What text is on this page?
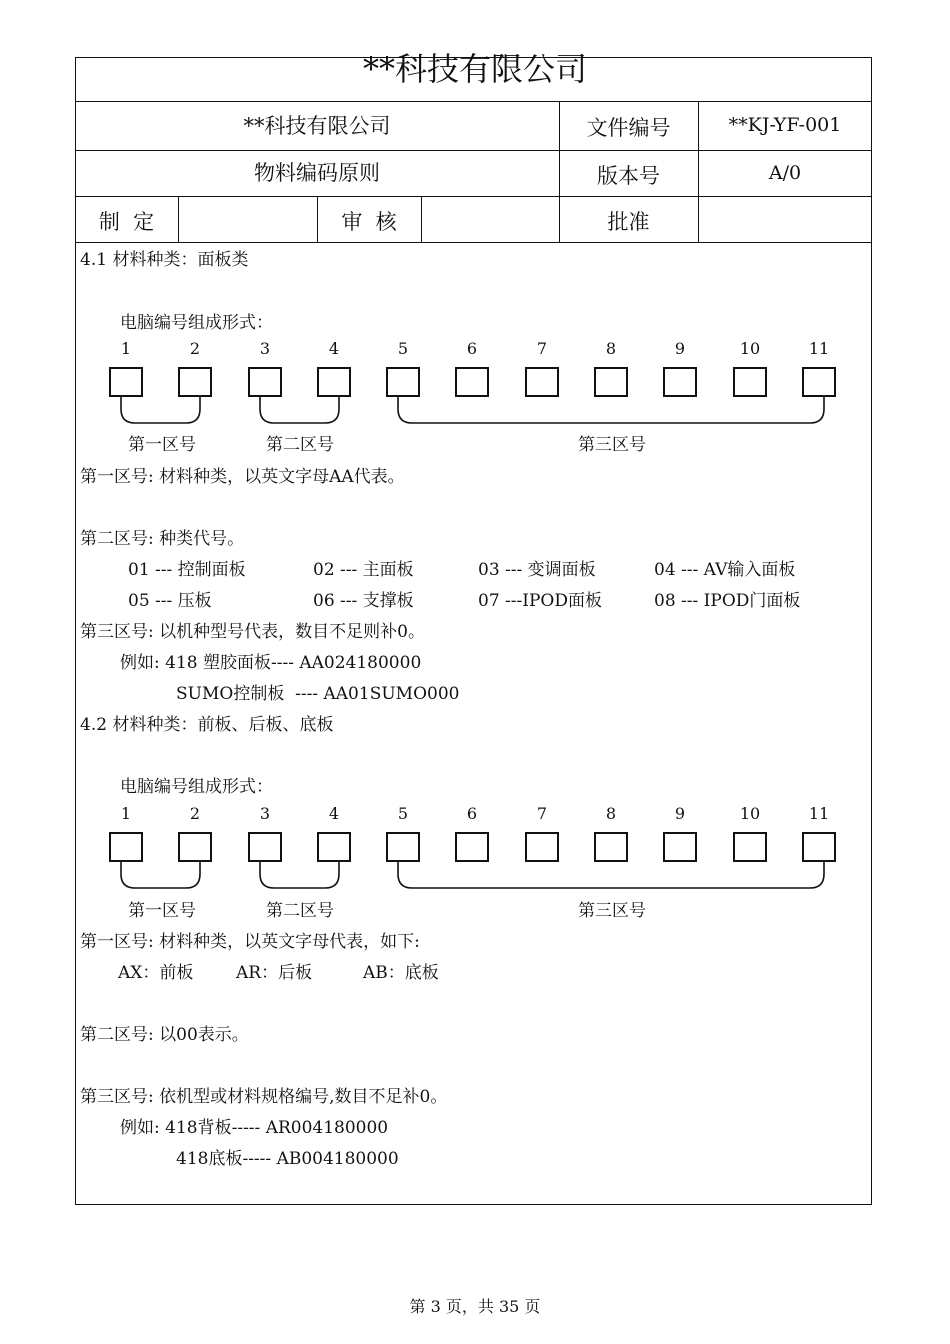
**科技有限公司
**科技有限公司	文件编号	**KJ-YF-001
物料编码原则	版本号	A/0
制  定	审  核	批准
4.1 材料种类：面板类
电脑编号组成形式：
1	2	3	4	5	6	7	8	9	10	11
第一区号	第二区号	第三区号
第一区号: 材料种类，以英文字母AA代表。
第二区号: 种类代号。
01 --- 控制面板	02 --- 主面板	03 --- 变调面板	04 --- AV输入面板
05 --- 压板	06 --- 支撑板	07 ---IPOD面板	08 --- IPOD门面板
第三区号: 以机种型号代表，数目不足则补0。
例如: 418 塑胶面板---- AA024180000
SUMO控制板  ---- AA01SUMO000
4.2 材料种类：前板、后板、底板
电脑编号组成形式：
1	2	3	4	5	6	7	8	9	10	11
第一区号	第二区号	第三区号
第一区号: 材料种类，以英文字母代表，如下:
AX：前板	AR：后板	AB：底板
第二区号: 以00表示。
第三区号: 依机型或材料规格编号,数目不足补0。
例如: 418背板----- AR004180000
418底板----- AB004180000
第 3 页，共 35 页
